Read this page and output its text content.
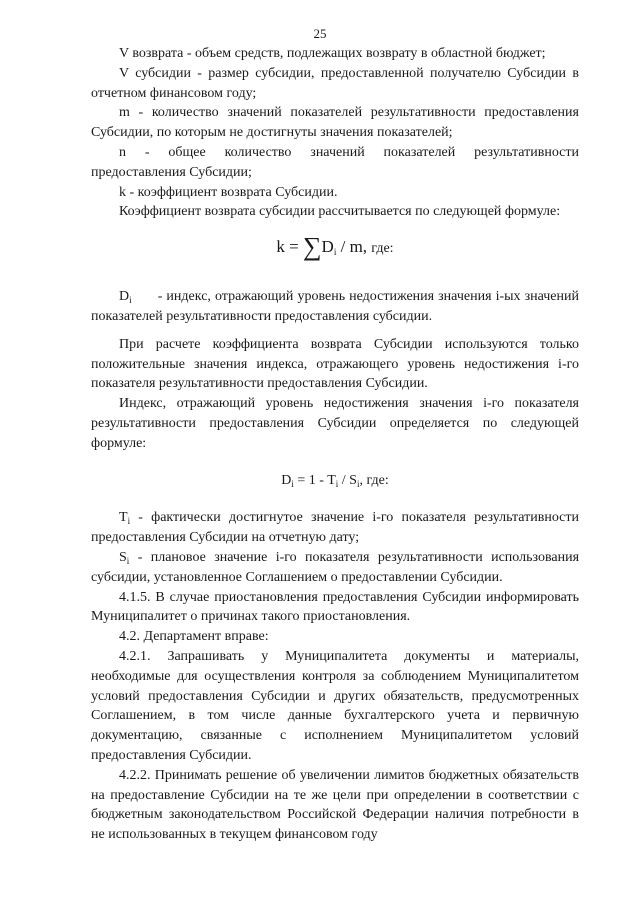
25

V возврата - объем средств, подлежащих возврату в областной бюджет;

V субсидии - размер субсидии, предоставленной получателю Субсидии в отчетном финансовом году;

m - количество значений показателей результативности предоставления Субсидии, по которым не достигнуты значения показателей;

n - общее количество значений показателей результативности предоставления Субсидии;

k - коэффициент возврата Субсидии.

Коэффициент возврата субсидии рассчитывается по следующей формуле:

$k = \sum D_i / m$, где:

$D_i$ - индекс, отражающий уровень недостижения значения i-ых значений показателей результативности предоставления субсидии.

При расчете коэффициента возврата Субсидии используются только положительные значения индекса, отражающего уровень недостижения i-го показателя результативности предоставления Субсидии.

Индекс, отражающий уровень недостижения значения i-го показателя результативности предоставления Субсидии определяется по следующей формуле:

$D_i = 1 - T_i / S_i$, где:

$T_i$ - фактически достигнутое значение i-го показателя результативности предоставления Субсидии на отчетную дату;

$S_i$ - плановое значение i-го показателя результативности использования субсидии, установленное Соглашением о предоставлении Субсидии.

4.1.5. В случае приостановления предоставления Субсидии информировать Муниципалитет о причинах такого приостановления.

4.2. Департамент вправе:

4.2.1. Запрашивать у Муниципалитета документы и материалы, необходимые для осуществления контроля за соблюдением Муниципалитетом условий предоставления Субсидии и других обязательств, предусмотренных Соглашением, в том числе данные бухгалтерского учета и первичную документацию, связанные с исполнением Муниципалитетом условий предоставления Субсидии.

4.2.2. Принимать решение об увеличении лимитов бюджетных обязательств на предоставление Субсидии на те же цели при определении в соответствии с бюджетным законодательством Российской Федерации наличия потребности в не использованных в текущем финансовом году
